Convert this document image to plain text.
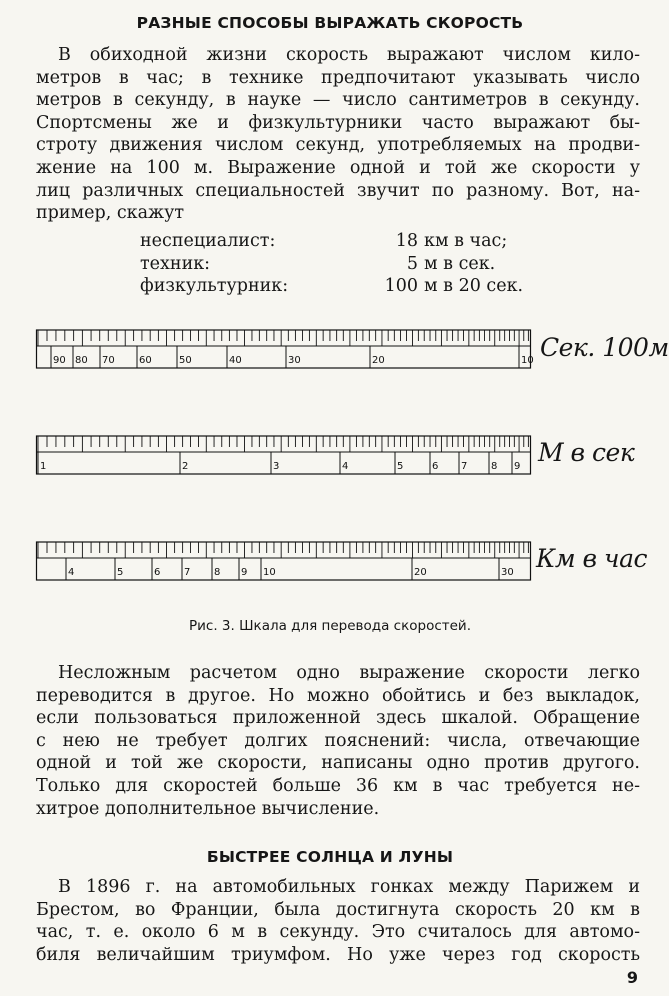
РАЗНЫЕ СПОСОБЫ ВЫРАЖАТЬ СКОРОСТЬ
В обиходной жизни скорость выражают числом кило-
метров в час; в технике предпочитают указывать число
метров в секунду, в науке — число сантиметров в секунду.
Спортсмены же и физкультурники часто выражают бы-
строту движения числом секунд, употребляемых на продви-
жение на 100 м. Выражение одной и той же скорости у
лиц различных специальностей звучит по разному. Вот, на-
пример, скажут
неспециалист:	18 км в час;
техник:	5 м в сек.
физкультурник:	100 м в 20 сек.
90 80 70 60	50	40	30	20	10 Сек. 100м
1	2	3	4	5	6 7 8 9 М в сек
4	5	6 7 8 9 10	20	30 Км в час
Рис. 3. Шкала для перевода скоростей.
Несложным расчетом одно выражение скорости легко
переводится в другое. Но можно обойтись и без выкладок,
если пользоваться приложенной здесь шкалой. Обращение
с нею не требует долгих пояснений: числа, отвечающие
одной и той же скорости, написаны одно против другого.
Только для скоростей больше 36 км в час требуется не-
хитрое дополнительное вычисление.
БЫСТРЕЕ СОЛНЦА И ЛУНЫ
В 1896 г. на автомобильных гонках между Парижем и
Брестом, во Франции, была достигнута скорость 20 км в
час, т. е. около 6 м в секунду. Это считалось для автомо-
биля величайшим триумфом. Но уже через год скорость
9
